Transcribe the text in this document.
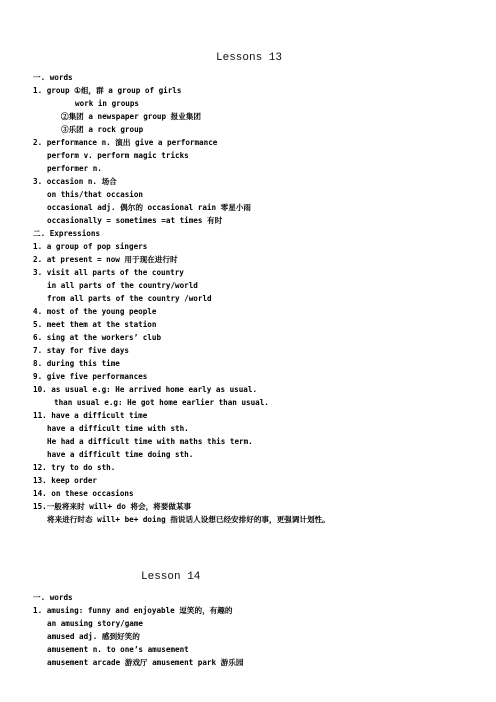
Lessons 13
一. words
1. group ①组，群 a group of girls
work in groups
②集团 a newspaper group 报业集团
③乐团 a rock group
2. performance n. 演出 give a performance
perform v. perform magic tricks
performer n.
3. occasion n. 场合
on this/that occasion
occasional adj. 偶尔的 occasional rain 零星小雨
occasionally = sometimes =at times 有时
二. Expressions
1. a group of pop singers
2. at present = now 用于现在进行时
3. visit all parts of the country
in all parts of the country/world
from all parts of the country /world
4. most of the young people
5. meet them at the station
6. sing at the workers’ club
7. stay for five days
8. during this time
9. give five performances
10. as usual e.g: He arrived home early as usual.
than usual e.g: He got home earlier than usual.
11. have a difficult time
have a difficult time with sth.
He had a difficult time with maths this term.
have a difficult time doing sth.
12. try to do sth.
13. keep order
14. on these occasions
15.一般将来时 will+ do 将会，将要做某事
将来进行时态 will+ be+ doing 指说话人设想已经安排好的事，更强调计划性。
Lesson 14
一. words
1. amusing: funny and enjoyable 逗笑的，有趣的
an amusing story/game
amused adj. 感到好笑的
amusement n. to one’s amusement
amusement arcade 游戏厅 amusement park 游乐园
